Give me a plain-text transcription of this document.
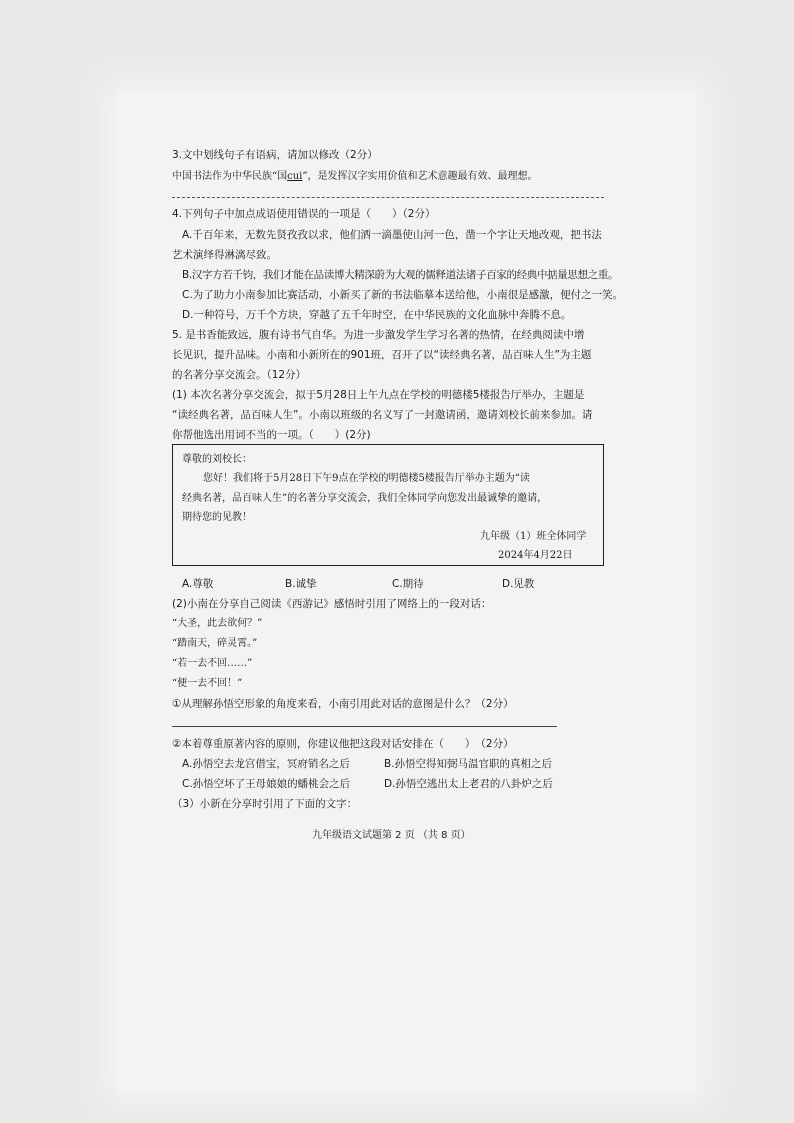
3.文中划线句子有语病，请加以修改（2分）
中国书法作为中华民族“国cui”，是发挥汉字实用价值和艺术意趣最有效、最理想。
4.下列句子中加点成语使用错误的一项是（　　）（2分）
A.千百年来，无数先贤孜孜以求，他们洒一滴墨使山河一色，凿一个字让天地改观，把书法
艺术演绎得淋漓尽致。
B.汉字方若千钧，我们才能在品读博大精深蔚为大观的儒释道法诸子百家的经典中掂量思想之重。
C.为了助力小南参加比赛活动，小新买了新的书法临摹本送给他，小南很是感激，便付之一笑。
D.一种符号，万千个方块，穿越了五千年时空，在中华民族的文化血脉中奔腾不息。
5. 是书香能致远，腹有诗书气自华。为进一步激发学生学习名著的热情，在经典阅读中增
长见识，提升品味。小南和小新所在的901班，召开了以“读经典名著，品百味人生”为主题
的名著分享交流会。（12分）
(1) 本次名著分享交流会，拟于5月28日上午九点在学校的明德楼5楼报告厅举办，主题是
“读经典名著，品百味人生”。小南以班级的名义写了一封邀请函，邀请刘校长前来参加。请
你帮他选出用词不当的一项。（　　）(2分)
尊敬的刘校长：
您好！我们将于5月28日下午9点在学校的明德楼5楼报告厅举办主题为“读
经典名著，品百味人生”的名著分享交流会，我们全体同学向您发出最诚挚的邀请，
期待您的见教！
九年级（1）班全体同学
2024年4月22日
A.尊敬	B.诚挚	C.期待	D.见教
(2)小南在分享自己阅读《西游记》感悟时引用了网络上的一段对话：
“大圣，此去欲何？”
“踏南天，碎灵霄。”
“若一去不回……”
“便一去不回！”
①从理解孙悟空形象的角度来看，小南引用此对话的意图是什么？（2分）
②本着尊重原著内容的原则，你建议他把这段对话安排在（　　）　（2分）
A.孙悟空去龙宫借宝，冥府销名之后	B.孙悟空得知弼马温官职的真相之后
C.孙悟空坏了王母娘娘的蟠桃会之后	D.孙悟空逃出太上老君的八卦炉之后
（3）小新在分享时引用了下面的文字：
九年级语文试题第 2 页 （共 8 页）
